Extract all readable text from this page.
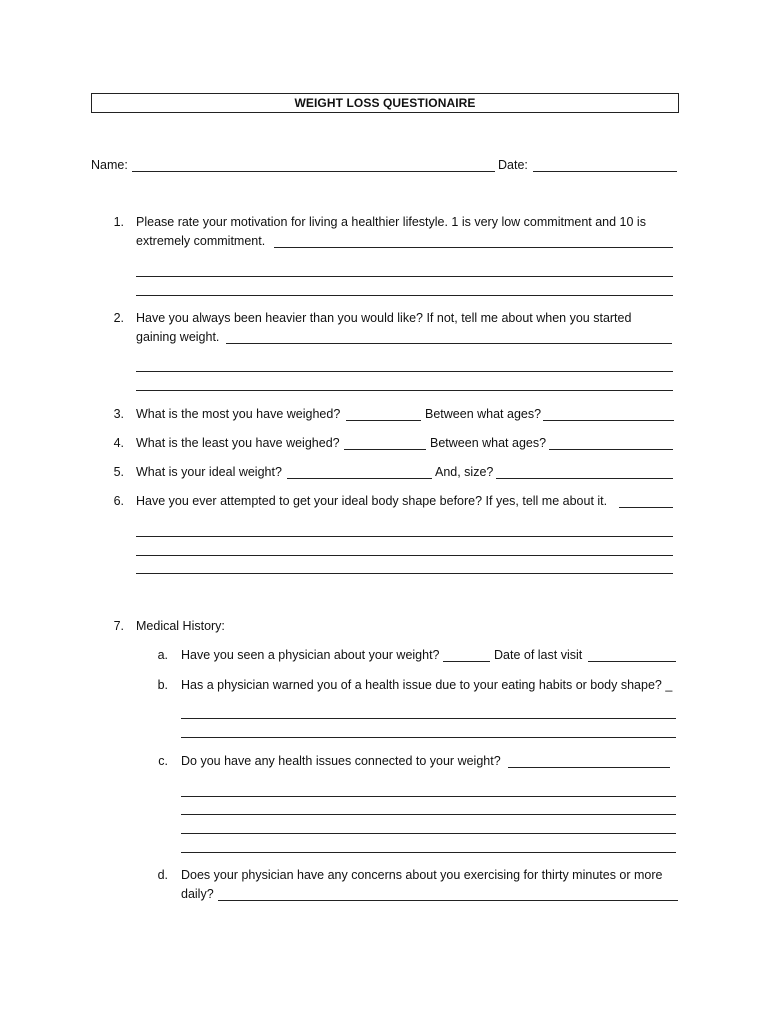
WEIGHT LOSS QUESTIONAIRE
Name:	Date:
1. Please rate your motivation for living a healthier lifestyle. 1 is very low commitment and 10 is
extremely commitment.
2. Have you always been heavier than you would like? If not, tell me about when you started
gaining weight.
3. What is the most you have weighed?	Between what ages?
4. What is the least you have weighed?	Between what ages?
5. What is your ideal weight?	And, size?
6. Have you ever attempted to get your ideal body shape before? If yes, tell me about it.
7. Medical History:
a. Have you seen a physician about your weight?	Date of last visit
b. Has a physician warned you of a health issue due to your eating habits or body shape? _
c. Do you have any health issues connected to your weight?
d. Does your physician have any concerns about you exercising for thirty minutes or more
daily?
